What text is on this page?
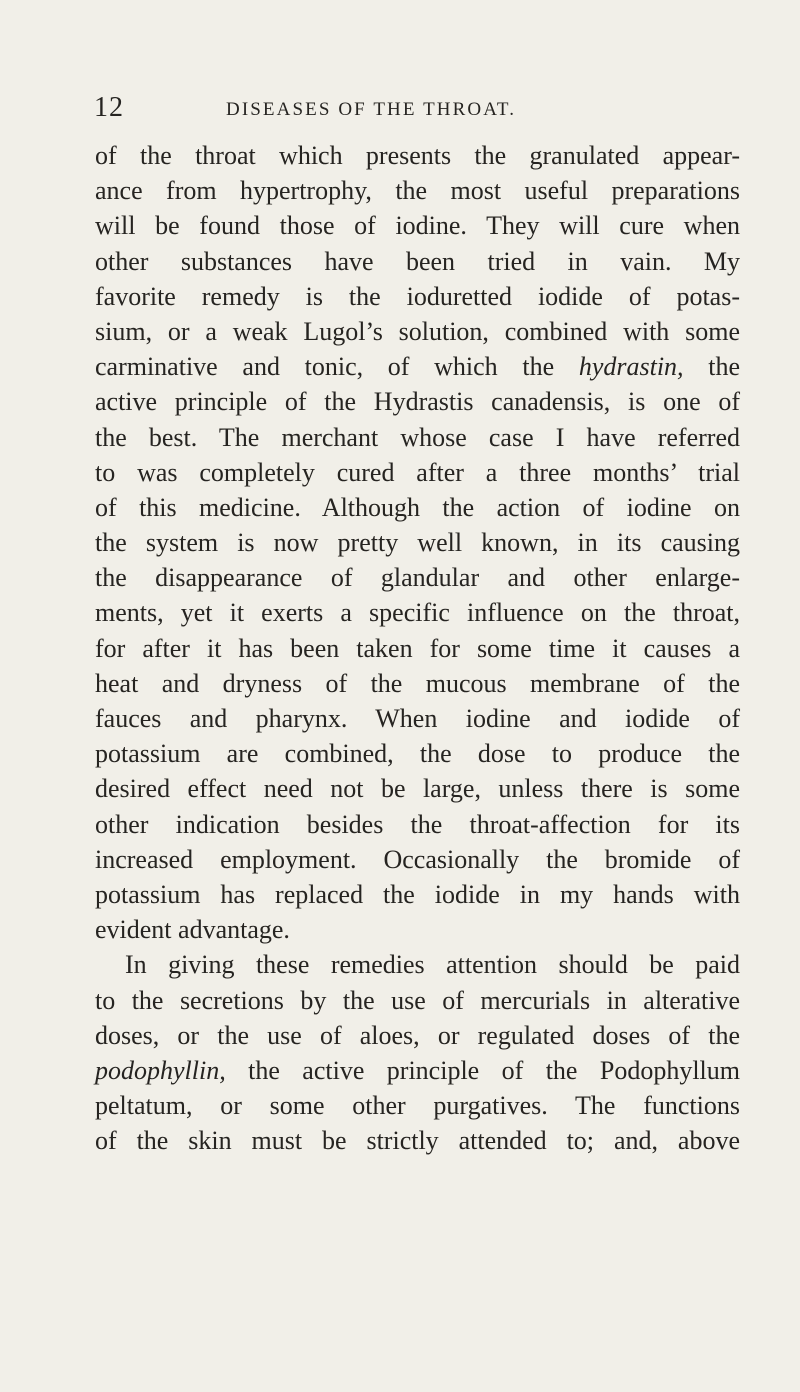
12	DISEASES OF THE THROAT.
of the throat which presents the granulated appear-
ance from hypertrophy, the most useful preparations
will be found those of iodine. They will cure when
other substances have been tried in vain. My
favorite remedy is the ioduretted iodide of potas-
sium, or a weak Lugol’s solution, combined with some
carminative and tonic, of which the hydrastin, the
active principle of the Hydrastis canadensis, is one of
the best. The merchant whose case I have referred
to was completely cured after a three months’ trial
of this medicine. Although the action of iodine on
the system is now pretty well known, in its causing
the disappearance of glandular and other enlarge-
ments, yet it exerts a specific influence on the throat,
for after it has been taken for some time it causes a
heat and dryness of the mucous membrane of the
fauces and pharynx. When iodine and iodide of
potassium are combined, the dose to produce the
desired effect need not be large, unless there is some
other indication besides the throat-affection for its
increased employment. Occasionally the bromide of
potassium has replaced the iodide in my hands with
evident advantage.
In giving these remedies attention should be paid
to the secretions by the use of mercurials in alterative
doses, or the use of aloes, or regulated doses of the
podophyllin, the active principle of the Podophyllum
peltatum, or some other purgatives. The functions
of the skin must be strictly attended to; and, above
